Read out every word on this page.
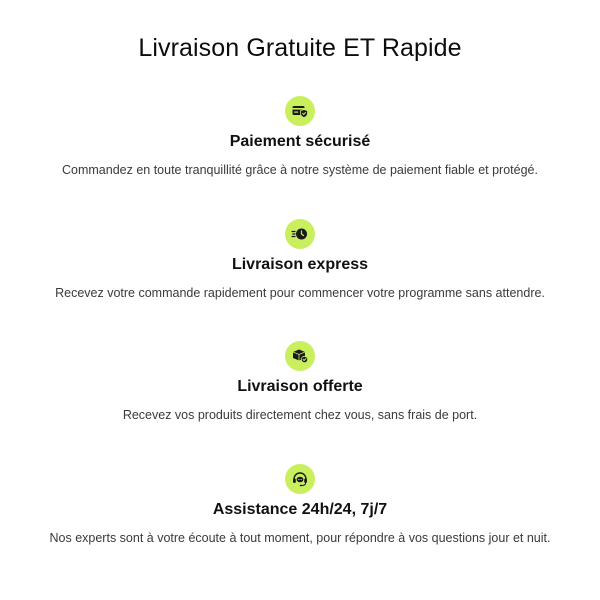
Livraison Gratuite ET Rapide
Paiement sécurisé
Commandez en toute tranquillité grâce à notre système de paiement fiable et protégé.
Livraison express
Recevez votre commande rapidement pour commencer votre programme sans attendre.
Livraison offerte
Recevez vos produits directement chez vous, sans frais de port.
Assistance 24h/24, 7j/7
Nos experts sont à votre écoute à tout moment, pour répondre à vos questions jour et nuit.
